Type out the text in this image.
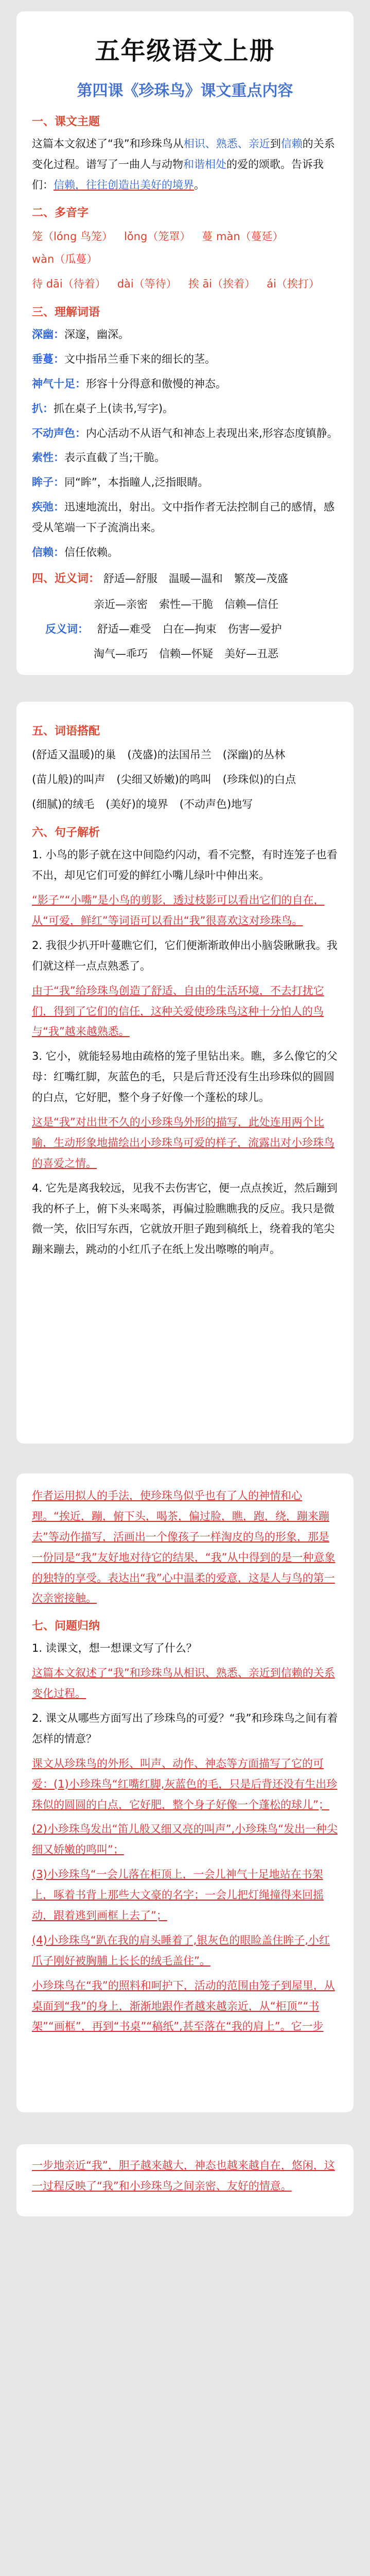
五年级语文上册
第四课《珍珠鸟》课文重点内容
一、课文主题

这篇本文叙述了“我”和珍珠鸟从相识、熟悉、亲近到信赖的关系变化过程。谱写了一曲人与动物和谐相处的爱的颂歌。告诉我们：信赖，往往创造出美好的境界。

二、多音字
笼（lóng 鸟笼） lǒng（笼罩） 蔓 màn（蔓延）wàn（瓜蔓）
待 dāi（待着） dài（等待） 挨 āi（挨着） ái（挨打）
三、理解词语

深幽：深邃，幽深。

垂蔓：文中指吊兰垂下来的细长的茎。

神气十足：形容十分得意和傲慢的神态。

扒：抓在桌子上(读书,写字)。

不动声色：内心活动不从语气和神态上表现出来,形容态度镇静。

索性：表示直截了当;干脆。

眸子：同“眸”，本指瞳人,泛指眼睛。

疾弛：迅速地流出，射出。文中指作者无法控制自己的感情，感受从笔端一下子流淌出来。

信赖：信任依赖。

四、近义词： 舒适—舒服 温暖—温和 繁茂—茂盛
亲近—亲密 索性—干脆 信赖—信任
反义词： 舒适—难受 白在—拘束 伤害—爱护
淘气—乖巧 信赖—怀疑 美好—丑恶
五、词语搭配
(舒适又温暖)的巢 (茂盛)的法国吊兰 (深幽)的丛林
(苗儿般)的叫声 (尖细又娇嫩)的鸣叫 (珍珠似)的白点
(细腻)的绒毛 (美好)的境界 (不动声色)地写
六、句子解析

1. 小鸟的影子就在这中间隐约闪动，看不完整，有时连笼子也看不出，却见它们可爱的鲜红小嘴儿绿叶中伸出来。

“影子”“小嘴”是小鸟的剪影，透过枝影可以看出它们的自在，从“可爱，鲜红”等词语可以看出“我”很喜欢这对珍珠鸟。

2. 我很少扒开叶蔓瞧它们，它们便渐渐敢伸出小脑袋瞅瞅我。我们就这样一点点熟悉了。

由于“我”给珍珠鸟创造了舒适、自由的生活环境，不去打扰它们，得到了它们的信任，这种关爱使珍珠鸟这种十分怕人的鸟与“我”越来越熟悉。

3. 它小，就能轻易地由疏格的笼子里钻出来。瞧，多么像它的父母：红嘴红脚，灰蓝色的毛，只是后背还没有生出珍珠似的圆圆的白点，它好肥，整个身子好像一个蓬松的球儿。

这是“我”对出世不久的小珍珠鸟外形的描写，此处连用两个比喻，生动形象地描绘出小珍珠鸟可爱的样子，流露出对小珍珠鸟的喜爱之情。

4. 它先是离我较远，见我不去伤害它，便一点点挨近，然后蹦到我的杯子上，俯下头来喝茶，再偏过脸瞧瞧我的反应。我只是微微一笑，依旧写东西，它就放开胆子跑到稿纸上，绕着我的笔尖蹦来蹦去，跳动的小红爪子在纸上发出嚓嚓的响声。

作者运用拟人的手法，使珍珠鸟似乎也有了人的神情和心理。“挨近，蹦，俯下头，喝茶，偏过脸，瞧，跑，绕，蹦来蹦去”等动作描写，活画出一个像孩子一样淘皮的鸟的形象，那是一份同是“我”友好地对待它的结果，“我”从中得到的是一种意象的独特的享受。表达出“我”心中温柔的爱意，这是人与鸟的第一次亲密接触。

七、问题归纳

1. 读课文，想一想课文写了什么？

这篇本文叙述了“我”和珍珠鸟从相识、熟悉、亲近到信赖的关系变化过程。

2. 课文从哪些方面写出了珍珠鸟的可爱？“我”和珍珠鸟之间有着怎样的情意？

课文从珍珠鸟的外形、叫声、动作、神态等方面描写了它的可爱：(1)小珍珠鸟“红嘴红脚,灰蓝色的毛，只是后背还没有生出珍珠似的圆圆的白点，它好肥，整个身子好像一个蓬松的球儿”；

(2)小珍珠鸟发出“笛儿般又细又亮的叫声”,小珍珠鸟“发出一种尖细又娇嫩的鸣叫”；

(3)小珍珠鸟“一会儿落在柜顶上，一会儿神气十足地站在书架上，啄着书背上那些大文豪的名字；一会儿把灯绳撞得来回摇动，跟着逃到画框上去了”；

(4)小珍珠鸟“趴在我的肩头睡着了,银灰色的眼睑盖住眸子,小红爪子刚好被胸脯上长长的绒毛盖住”。

小珍珠鸟在“我”的照料和呵护下，活动的范围由笼子到屋里，从桌面到“我”的身上，渐渐地跟作者越来越亲近，从“柜顶”“书架”“画框”，再到“书桌”“稿纸”,甚至落在“我的肩上”。它一步

一步地亲近“我”，胆子越来越大，神态也越来越自在，悠闲，这一过程反映了“我”和小珍珠鸟之间亲密、友好的情意。
